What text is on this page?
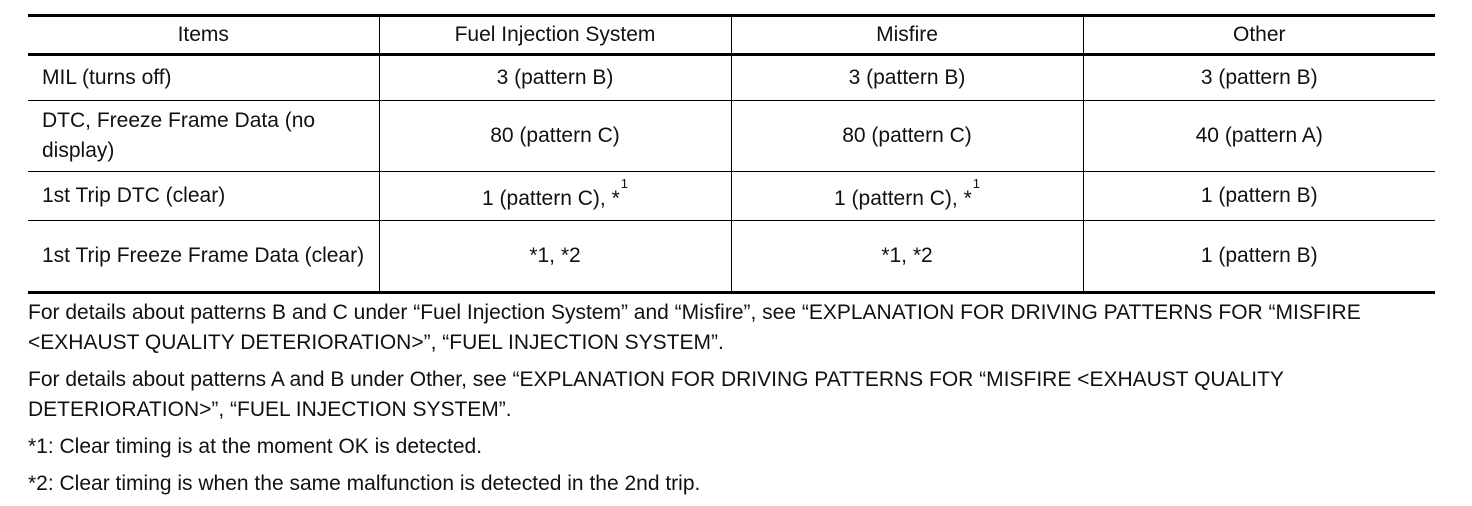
Items	Fuel Injection System	Misfire	Other
MIL (turns off)	3 (pattern B)	3 (pattern B)	3 (pattern B)
DTC, Freeze Frame Data (no display)	80 (pattern C)	80 (pattern C)	40 (pattern A)
1st Trip DTC (clear)	1 (pattern C), *$^1$	1 (pattern C), *$^1$	1 (pattern B)
1st Trip Freeze Frame Data (clear)	*1, *2	*1, *2	1 (pattern B)

For details about patterns B and C under “Fuel Injection System” and “Misfire”, see “EXPLANATION FOR DRIVING PATTERNS FOR “MISFIRE <EXHAUST QUALITY DETERIORATION>”, “FUEL INJECTION SYSTEM”.

For details about patterns A and B under Other, see “EXPLANATION FOR DRIVING PATTERNS FOR “MISFIRE <EXHAUST QUALITY DETERIORATION>”, “FUEL INJECTION SYSTEM”.

*1: Clear timing is at the moment OK is detected.

*2: Clear timing is when the same malfunction is detected in the 2nd trip.
